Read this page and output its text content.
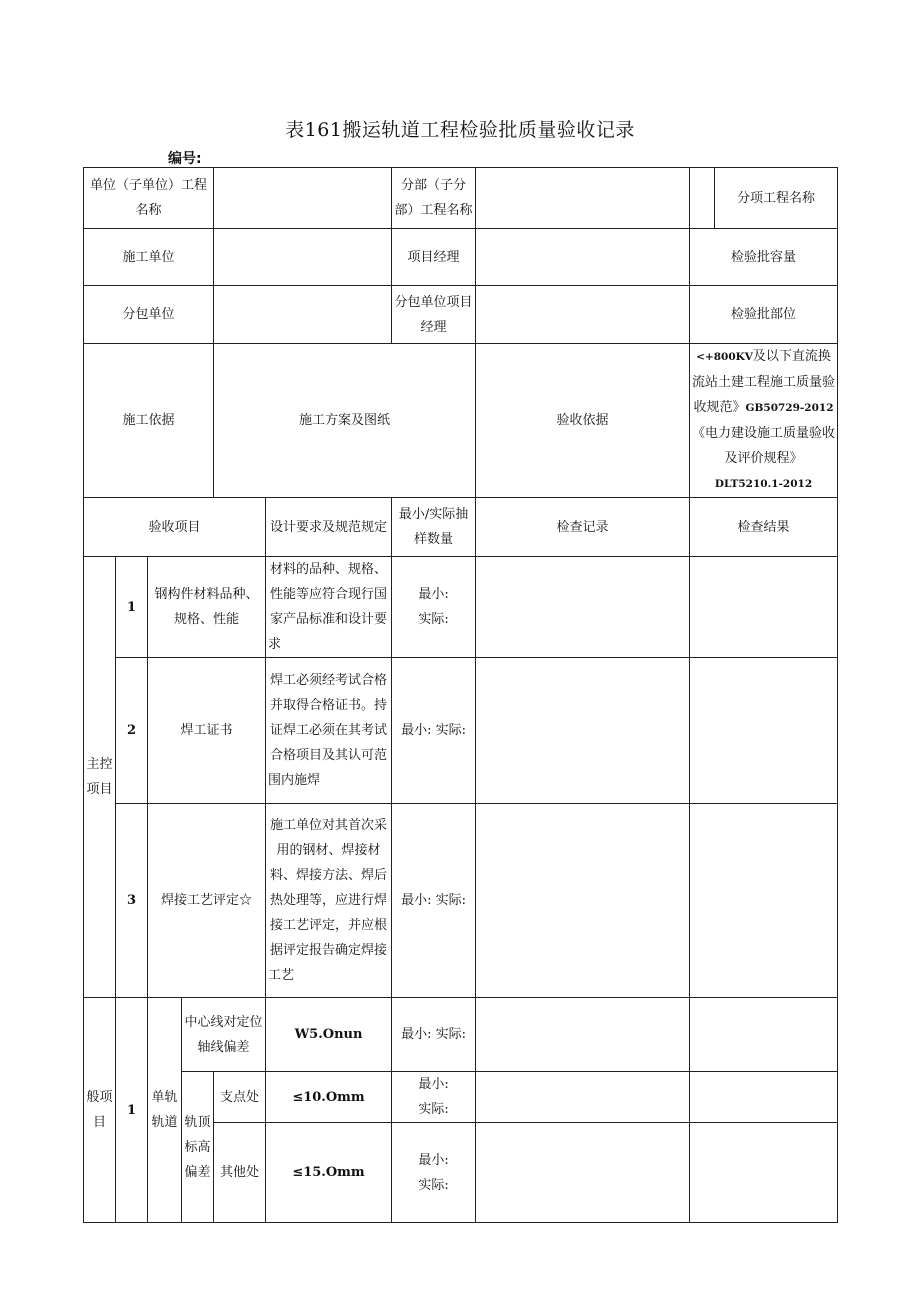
表161搬运轨道工程检验批质量验收记录
编号:
单位（子单位）工程名称						分部（子分部）工程名称			分项工程名称
施工单位						项目经理		检验批容量	
分包单位						分包单位项目经理		检验批部位	
施工依据				施工方案及图纸			验收依据	<+800KV及以下直流换流站土建工程施工质量验收规范》GB50729-2012《电力建设施工质量验收及评价规程》
DLT5210.1-2012	
验收项目					设计要求及规范规定	最小/实际抽样数量	检查记录	检查结果	
主控项目	1	钢构件材料品种、规格、性能			材料的品种、规格、性能等应符合现行国家产品标准和设计要求	最小:
实际:			

	2	焊工证书			焊工必须经考试合格并取得合格证书。持证焊工必须在其考试合格项目及其认可范围内施焊	最小: 实际:			
	3	焊接工艺评定☆			施工单位对其首次采用的钢材、焊接材料、焊接方法、焊后热处理等，应进行焊接工艺评定，并应根据评定报告确定焊接工艺	最小: 实际:			
般项目	1	单轨轨道	中心线对定位轴线偏差		W5.Onun	最小: 实际:			
			轨顶标高偏差	支点处	≤10.Omm	最小:
实际:			

				其他处	≤15.Omm	最小:
实际:			
